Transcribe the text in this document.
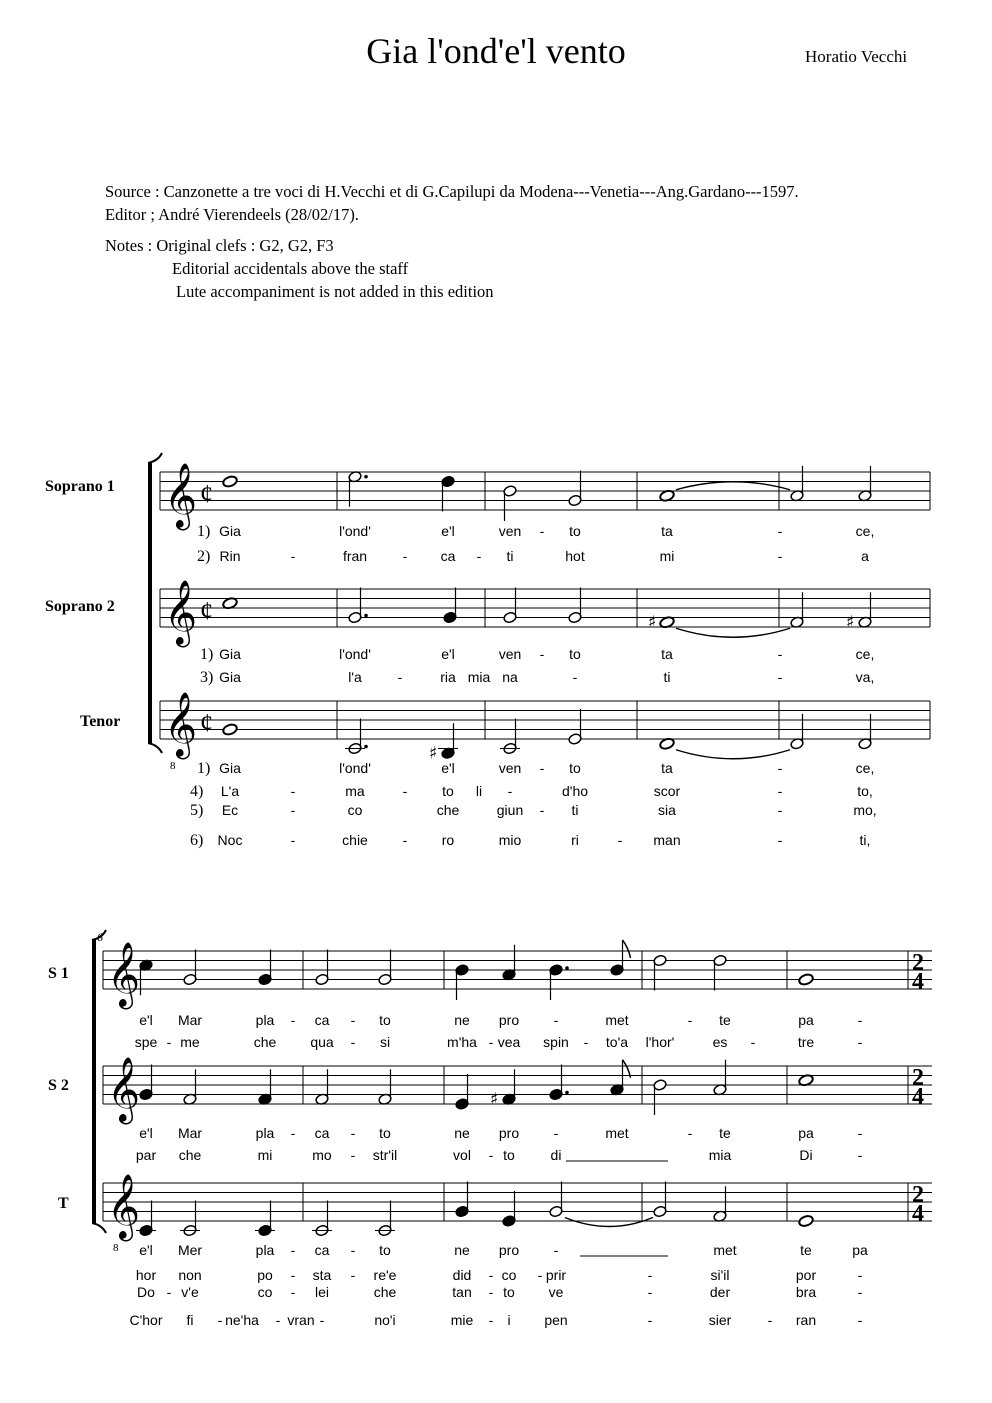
Gia l'ond'e'l vento	Horatio Vecchi
Source : Canzonette a tre voci di H.Vecchi et di G.Capilupi da Modena---Venetia---Ang.Gardano---1597.
Editor ; André Vierendeels (28/02/17).
Notes : Original clefs : G2, G2, F3
Editorial accidentals above the staff
Lute accompaniment is not added in this edition
Soprano 1
Soprano 2
Tenor
S 1
S 2
T
𝄞 ¢
𝄞 ¢
𝄞
8
¢
♯	♯
♯
1) Gia	l'ond'	e'l	ven - to	ta	-	ce,
2) Rin	-	fran	- ca - ti	hot	mi	-	a
1) Gia	l'ond'	e'l	ven - to	ta	-	ce,
3) Gia	l'a	-	ria mia na	-	ti	-	va,
1) Gia	l'ond'	e'l	ven - to	ta	-	ce,
4) L'a	-	ma	- to li -	d'ho	scor	-	to,
5) Ec	-	co	che	giun - ti	sia	-	mo,
6) Noc	-	chie - ro	mio	ri	- man	-	ti,
6
𝄞	2
4
𝄞	2
4
𝄞
8
2
4
♯
e'l Mar	pla - ca - to	ne pro -	met	- te	pa	-
spe - me	che qua - si	m'ha - vea spin - to'a l'hor'	es -	tre	-
e'l Mar	pla - ca - to	ne pro -	met	- te	pa	-
par che	mi	mo - str'il	vol - to	di	mia	Di	-
e'l Mer	pla - ca - to	ne pro -	met	te	pa
hor non	po - sta - re'e	did - co - prir	-	si'il	por	-
Do - v'e	co - lei	che	tan - to ve	-	der	bra	-
C'hor fi - ne'ha - vran -	no'i	mie - i pen	-	sier	- ran	-
